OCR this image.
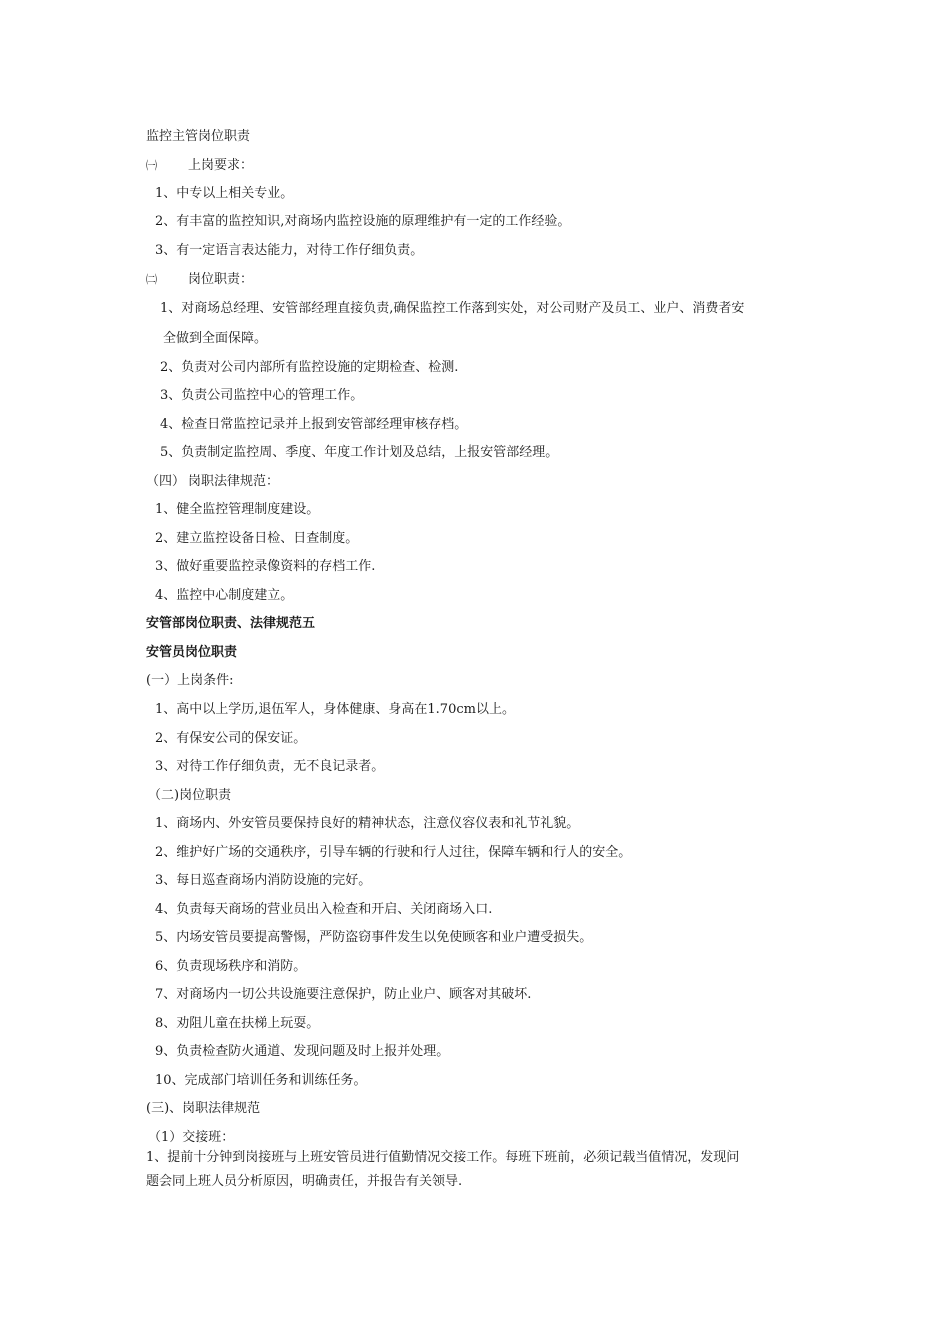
监控主管岗位职责
㈠ 上岗要求：
1、中专以上相关专业。
2、有丰富的监控知识,对商场内监控设施的原理维护有一定的工作经验。
3、有一定语言表达能力，对待工作仔细负责。
㈡ 岗位职责：
1、对商场总经理、安管部经理直接负责,确保监控工作落到实处，对公司财产及员工、业户、消费者安
全做到全面保障。
2、负责对公司内部所有监控设施的定期检查、检测.
3、负责公司监控中心的管理工作。
4、检查日常监控记录并上报到安管部经理审核存档。
5、负责制定监控周、季度、年度工作计划及总结，上报安管部经理。
（四） 岗职法律规范：
1、健全监控管理制度建设。
2、建立监控设备日检、日查制度。
3、做好重要监控录像资料的存档工作.
4、监控中心制度建立。
安管部岗位职责、法律规范五
安管员岗位职责
(一）上岗条件:
1、高中以上学历,退伍军人，身体健康、身高在1.70cm以上。
2、有保安公司的保安证。
3、对待工作仔细负责，无不良记录者。
（二)岗位职责
1、商场内、外安管员要保持良好的精神状态，注意仪容仪表和礼节礼貌。
2、维护好广场的交通秩序，引导车辆的行驶和行人过往，保障车辆和行人的安全。
3、每日巡查商场内消防设施的完好。
4、负责每天商场的营业员出入检查和开启、关闭商场入口.
5、内场安管员要提高警惕，严防盗窃事件发生以免使顾客和业户遭受损失。
6、负责现场秩序和消防。
7、对商场内一切公共设施要注意保护，防止业户、顾客对其破坏.
8、劝阻儿童在扶梯上玩耍。
9、负责检查防火通道、发现问题及时上报并处理。
10、完成部门培训任务和训练任务。
(三)、岗职法律规范
（1）交接班：
1、提前十分钟到岗接班与上班安管员进行值勤情况交接工作。每班下班前，必须记载当值情况，发现问
题会同上班人员分析原因，明确责任，并报告有关领导.
